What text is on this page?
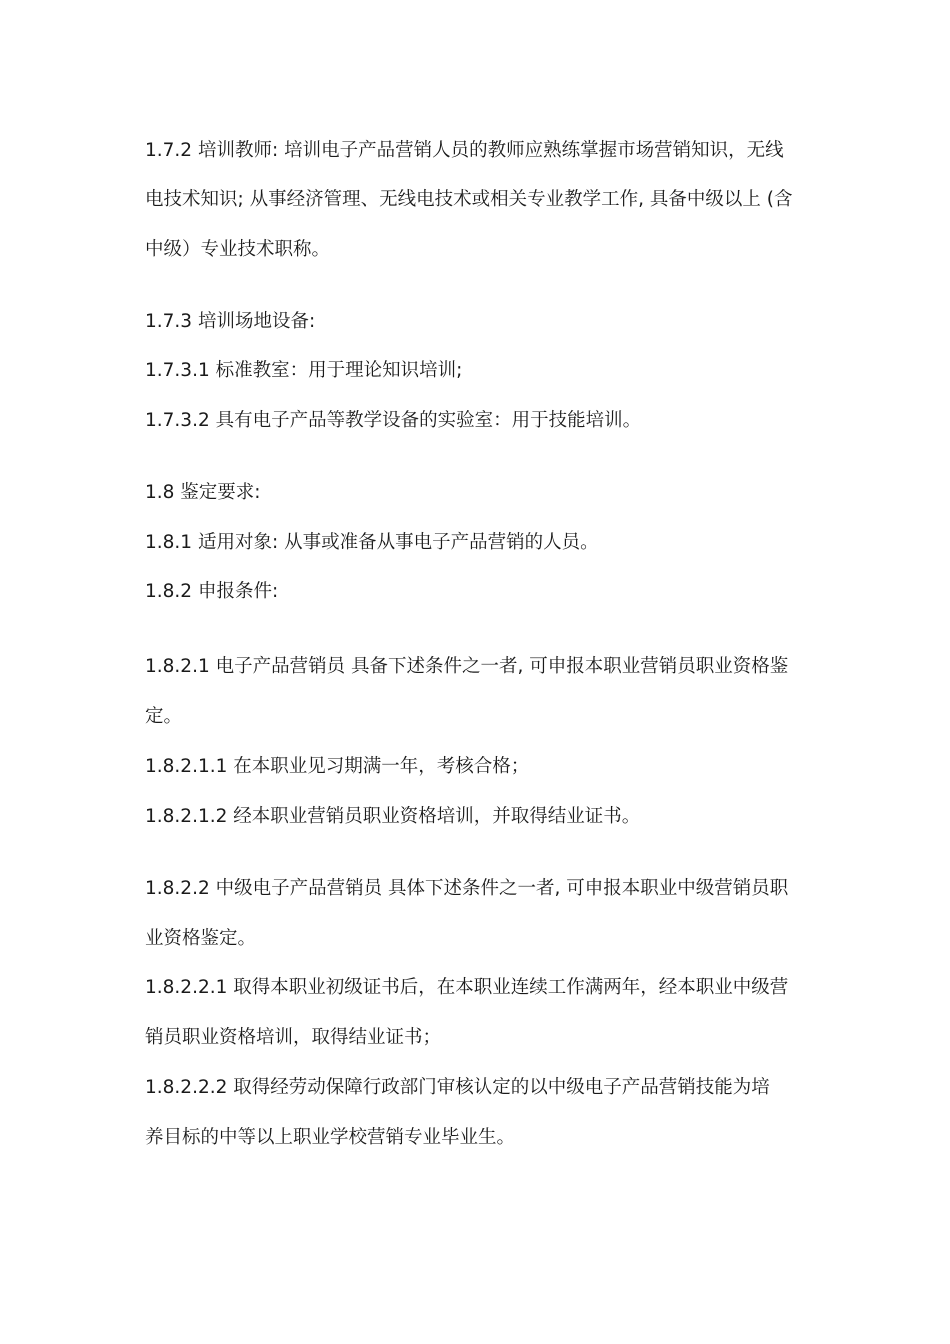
1.7.2 培训教师: 培训电子产品营销人员的教师应熟练掌握市场营销知识，无线
电技术知识; 从事经济管理、无线电技术或相关专业教学工作, 具备中级以上 (含
中级）专业技术职称。
1.7.3 培训场地设备:
1.7.3.1 标准教室：用于理论知识培训;
1.7.3.2 具有电子产品等教学设备的实验室：用于技能培训。
1.8 鉴定要求:
1.8.1 适用对象: 从事或准备从事电子产品营销的人员。
1.8.2 申报条件:
1.8.2.1 电子产品营销员 具备下述条件之一者, 可申报本职业营销员职业资格鉴
定。
1.8.2.1.1 在本职业见习期满一年，考核合格；
1.8.2.1.2 经本职业营销员职业资格培训，并取得结业证书。
1.8.2.2 中级电子产品营销员 具体下述条件之一者, 可申报本职业中级营销员职
业资格鉴定。
1.8.2.2.1 取得本职业初级证书后，在本职业连续工作满两年，经本职业中级营
销员职业资格培训，取得结业证书；
1.8.2.2.2 取得经劳动保障行政部门审核认定的以中级电子产品营销技能为培
养目标的中等以上职业学校营销专业毕业生。
